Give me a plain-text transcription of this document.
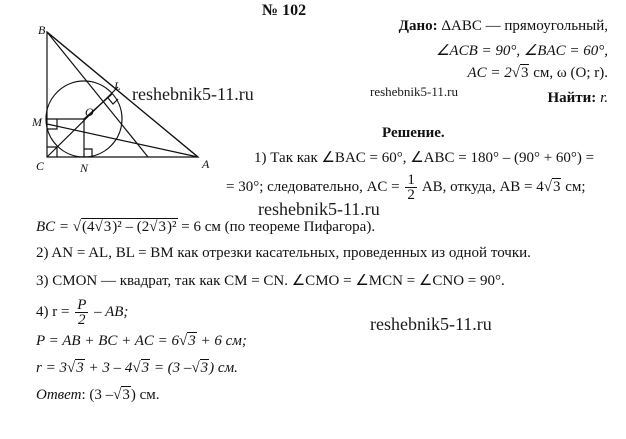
№ 102
B
C	A
N
M
O
L
Дано: ΔABC — прямоугольный,
∠ACB = 90°, ∠BAC = 60°,
AC = 2√3 см, ω (O; r).
Найти: r.
reshebnik5-11.ru	reshebnik5-11.ru
reshebnik5-11.ru
reshebnik5-11.ru
Решение.
1) Так как ∠BAC = 60°, ∠ABC = 180° – (90° + 60°) =
= 30°; следовательно, AC = $\frac{1}{2}$ AB, откуда, AB = 4√3 см;
BC = √(4√3)² – (2√3)² = 6 см (по теореме Пифагора).
2) AN = AL, BL = BM как отрезки касательных, проведенных из одной точки.
3) CMON — квадрат, так как CM = CN. ∠CMO = ∠MCN = ∠CNO = 90°.
4) $r = \frac{P}{2}$ – AB;
P = AB + BC + AC = 6√3 + 6 см;
r = 3√3 + 3 – 4√3 = (3 –√3) см.
Ответ: (3 –√3) см.
